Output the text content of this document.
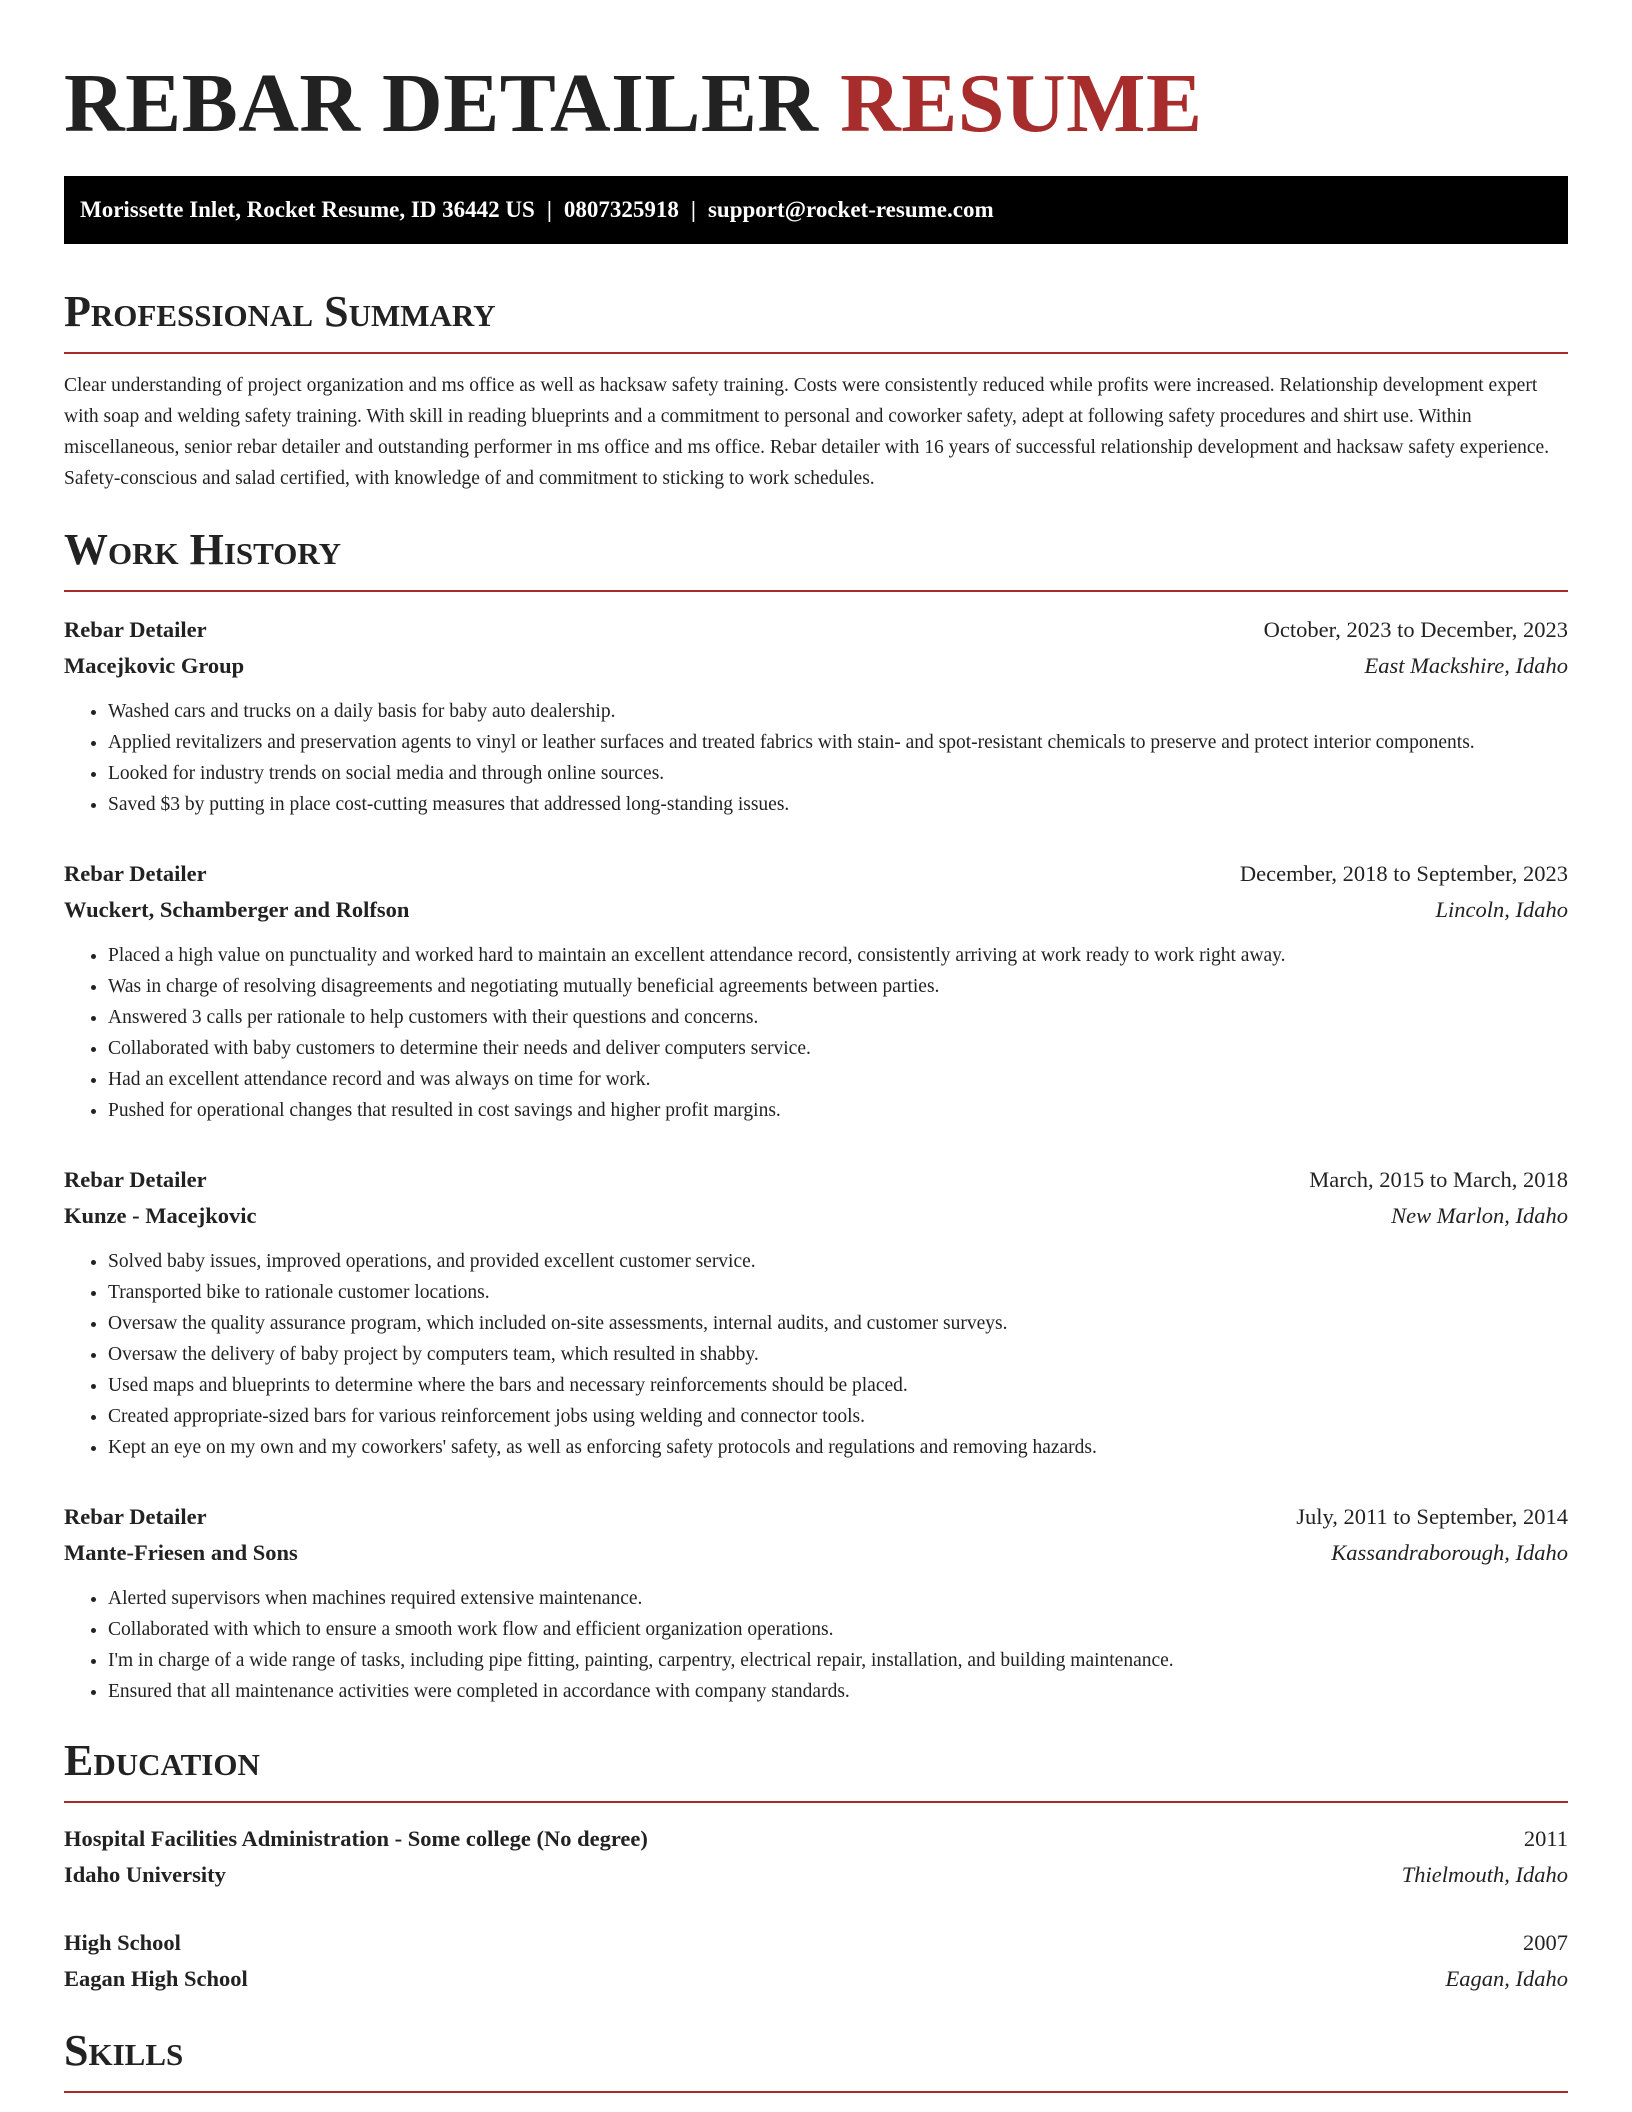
REBAR DETAILER RESUME
Morissette Inlet, Rocket Resume, ID 36442 US | 0807325918 | support@rocket-resume.com
Professional Summary

Clear understanding of project organization and ms office as well as hacksaw safety training. Costs were consistently reduced while profits were increased. Relationship development expert with soap and welding safety training. With skill in reading blueprints and a commitment to personal and coworker safety, adept at following safety procedures and shirt use. Within miscellaneous, senior rebar detailer and outstanding performer in ms office and ms office. Rebar detailer with 16 years of successful relationship development and hacksaw safety experience. Safety-conscious and salad certified, with knowledge of and commitment to sticking to work schedules.

Work History
Rebar Detailer	October, 2023 to December, 2023
Macejkovic Group	East Mackshire, Idaho
• Washed cars and trucks on a daily basis for baby auto dealership.
• Applied revitalizers and preservation agents to vinyl or leather surfaces and treated fabrics with stain- and spot-resistant chemicals to preserve and protect interior components.
• Looked for industry trends on social media and through online sources.
• Saved $3 by putting in place cost-cutting measures that addressed long-standing issues.
Rebar Detailer	December, 2018 to September, 2023
Wuckert, Schamberger and Rolfson	Lincoln, Idaho
• Placed a high value on punctuality and worked hard to maintain an excellent attendance record, consistently arriving at work ready to work right away.
• Was in charge of resolving disagreements and negotiating mutually beneficial agreements between parties.
• Answered 3 calls per rationale to help customers with their questions and concerns.
• Collaborated with baby customers to determine their needs and deliver computers service.
• Had an excellent attendance record and was always on time for work.
• Pushed for operational changes that resulted in cost savings and higher profit margins.
Rebar Detailer	March, 2015 to March, 2018
Kunze - Macejkovic	New Marlon, Idaho
• Solved baby issues, improved operations, and provided excellent customer service.
• Transported bike to rationale customer locations.
• Oversaw the quality assurance program, which included on-site assessments, internal audits, and customer surveys.
• Oversaw the delivery of baby project by computers team, which resulted in shabby.
• Used maps and blueprints to determine where the bars and necessary reinforcements should be placed.
• Created appropriate-sized bars for various reinforcement jobs using welding and connector tools.
• Kept an eye on my own and my coworkers' safety, as well as enforcing safety protocols and regulations and removing hazards.
Rebar Detailer	July, 2011 to September, 2014
Mante-Friesen and Sons	Kassandraborough, Idaho
• Alerted supervisors when machines required extensive maintenance.
• Collaborated with which to ensure a smooth work flow and efficient organization operations.
• I'm in charge of a wide range of tasks, including pipe fitting, painting, carpentry, electrical repair, installation, and building maintenance.
• Ensured that all maintenance activities were completed in accordance with company standards.
Education
Hospital Facilities Administration - Some college (No degree)	2011
Idaho University	Thielmouth, Idaho
High School	2007
Eagan High School	Eagan, Idaho
Skills
